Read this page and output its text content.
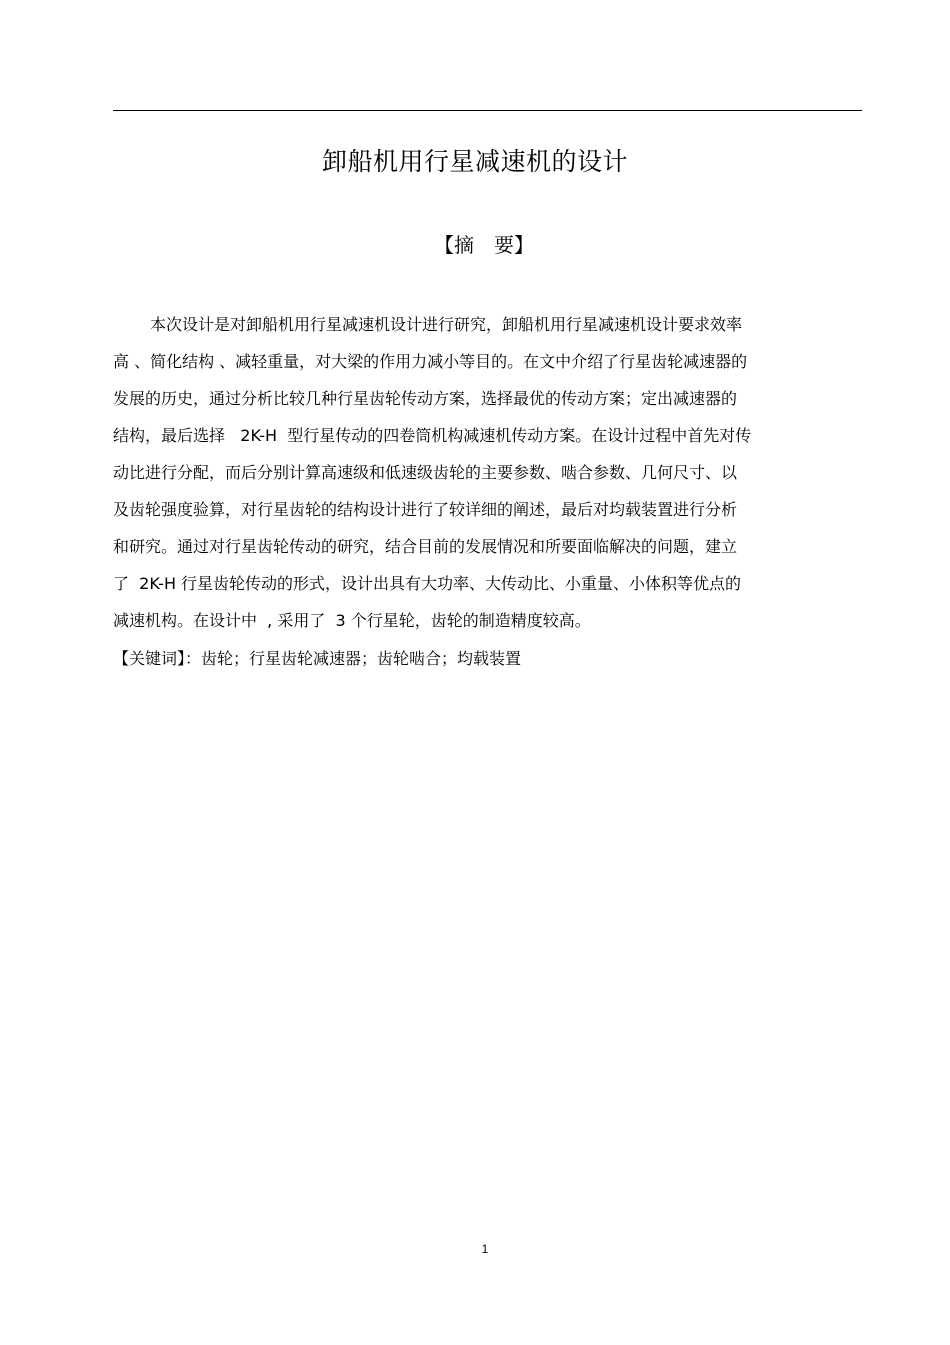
卸船机用行星减速机的设计
【摘　要】
本次设计是对卸船机用行星减速机设计进行研究，卸船机用行星减速机设计要求效率
高 、简化结构 、减轻重量，对大梁的作用力减小等目的。在文中介绍了行星齿轮减速器的
发展的历史，通过分析比较几种行星齿轮传动方案，选择最优的传动方案；定出减速器的
结构，最后选择   2K-H  型行星传动的四卷筒机构减速机传动方案。在设计过程中首先对传
动比进行分配，而后分别计算高速级和低速级齿轮的主要参数、啮合参数、几何尺寸、以
及齿轮强度验算，对行星齿轮的结构设计进行了较详细的阐述，最后对均载装置进行分析
和研究。通过对行星齿轮传动的研究，结合目前的发展情况和所要面临解决的问题，建立
了  2K-H 行星齿轮传动的形式，设计出具有大功率、大传动比、小重量、小体积等优点的
减速机构。在设计中  , 采用了  3 个行星轮，齿轮的制造精度较高。
【关键词】：齿轮；行星齿轮减速器；齿轮啮合；均载装置
1
